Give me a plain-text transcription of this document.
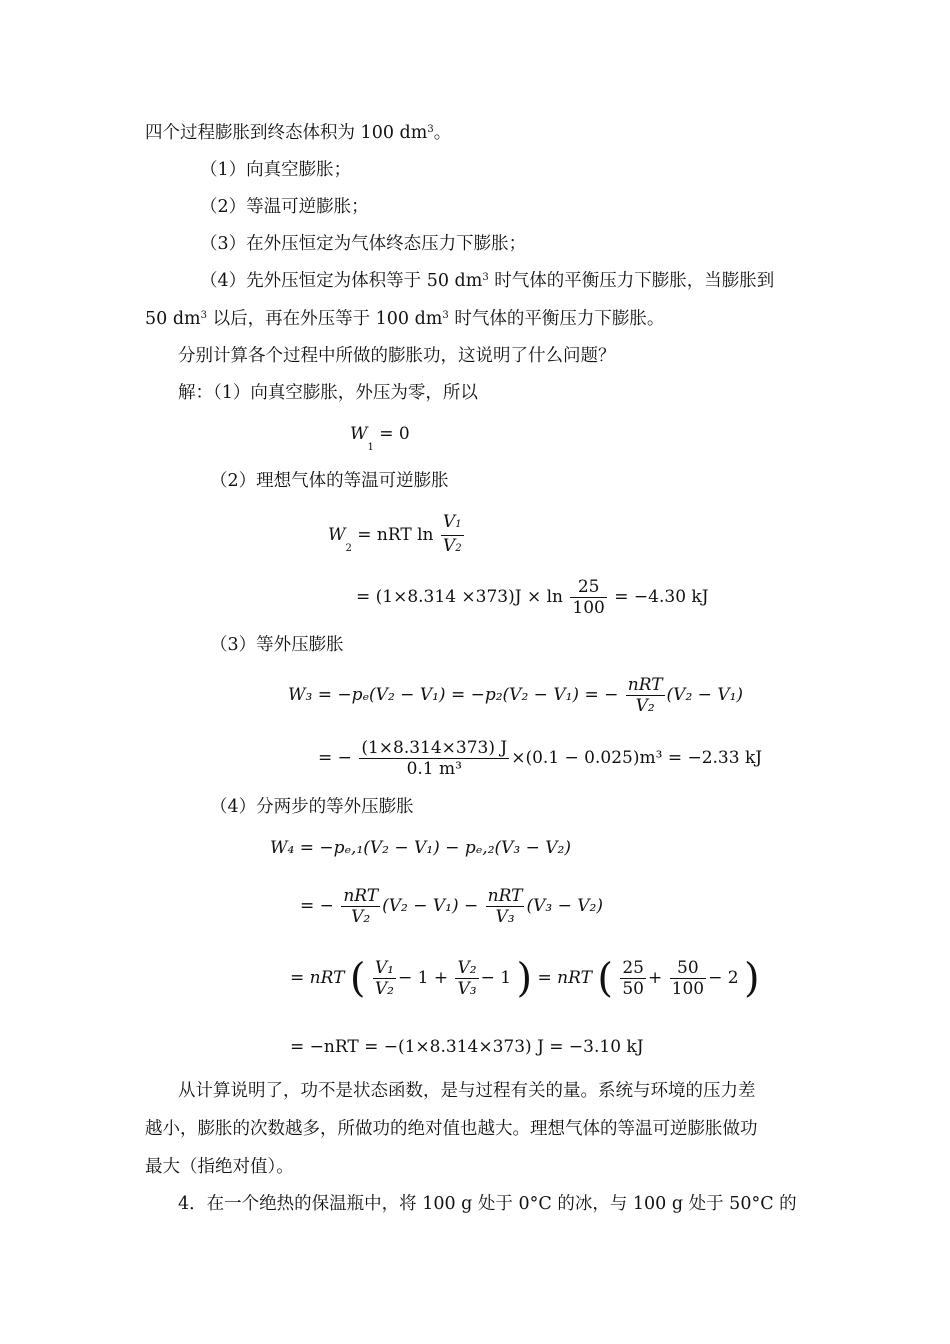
四个过程膨胀到终态体积为 100 $dm^3$。
（1）向真空膨胀；
（2）等温可逆膨胀；
（3）在外压恒定为气体终态压力下膨胀；
（4）先外压恒定为体积等于 50 $dm^3$ 时气体的平衡压力下膨胀，当膨胀到
50 $dm^3$ 以后，再在外压等于 100 $dm^3$ 时气体的平衡压力下膨胀。
分别计算各个过程中所做的膨胀功，这说明了什么问题？
解：（1）向真空膨胀，外压为零，所以
$W_1 = 0$
（2）理想气体的等温可逆膨胀
$W_2$ = nRT $\ln \frac{V1}{V2}$
= $(1\times 8.314 \times 373)J \times \ln \frac{25}{100} = -4.30$ kJ
（3）等外压膨胀
W₃ = −pₑ(V₂ − V₁) = −p₂(V₂ − V₁) = − $\frac{\text{nRT}}{\text{V₂}} (V_2 - V_1)$
= − $\frac{(1\times 8.314\times 373) J}{\text{0.1 m³}} \times(0.1 - 0.025)m^3 = -2.33$ kJ
（4）分两步的等外压膨胀
W₄ = −pₑ,₁(V₂ − V₁) − pₑ,₂(V₃ − V₂)
= − $\frac{\text{nRT}}{\text{V₂}} (V_2 - V_1) - \frac{\text{nRT}}{\text{V₃}} (V_3 - V_2)$
= nRT ( $\frac{\text{V₁}}{\text{V₂}} - 1 + \frac{\text{V₂}}{\text{V₃}} - 1$ ) = nRT ( $\frac{25}{50} + \frac{50}{100} - 2$ )
= −nRT = −(1×8.314×373) J = −3.10 kJ
从计算说明了，功不是状态函数，是与过程有关的量。系统与环境的压力差
越小，膨胀的次数越多，所做功的绝对值也越大。理想气体的等温可逆膨胀做功
最大（指绝对值）。
4．在一个绝热的保温瓶中，将 100 g 处于 0°C 的冰，与 100 g 处于 50°C 的
